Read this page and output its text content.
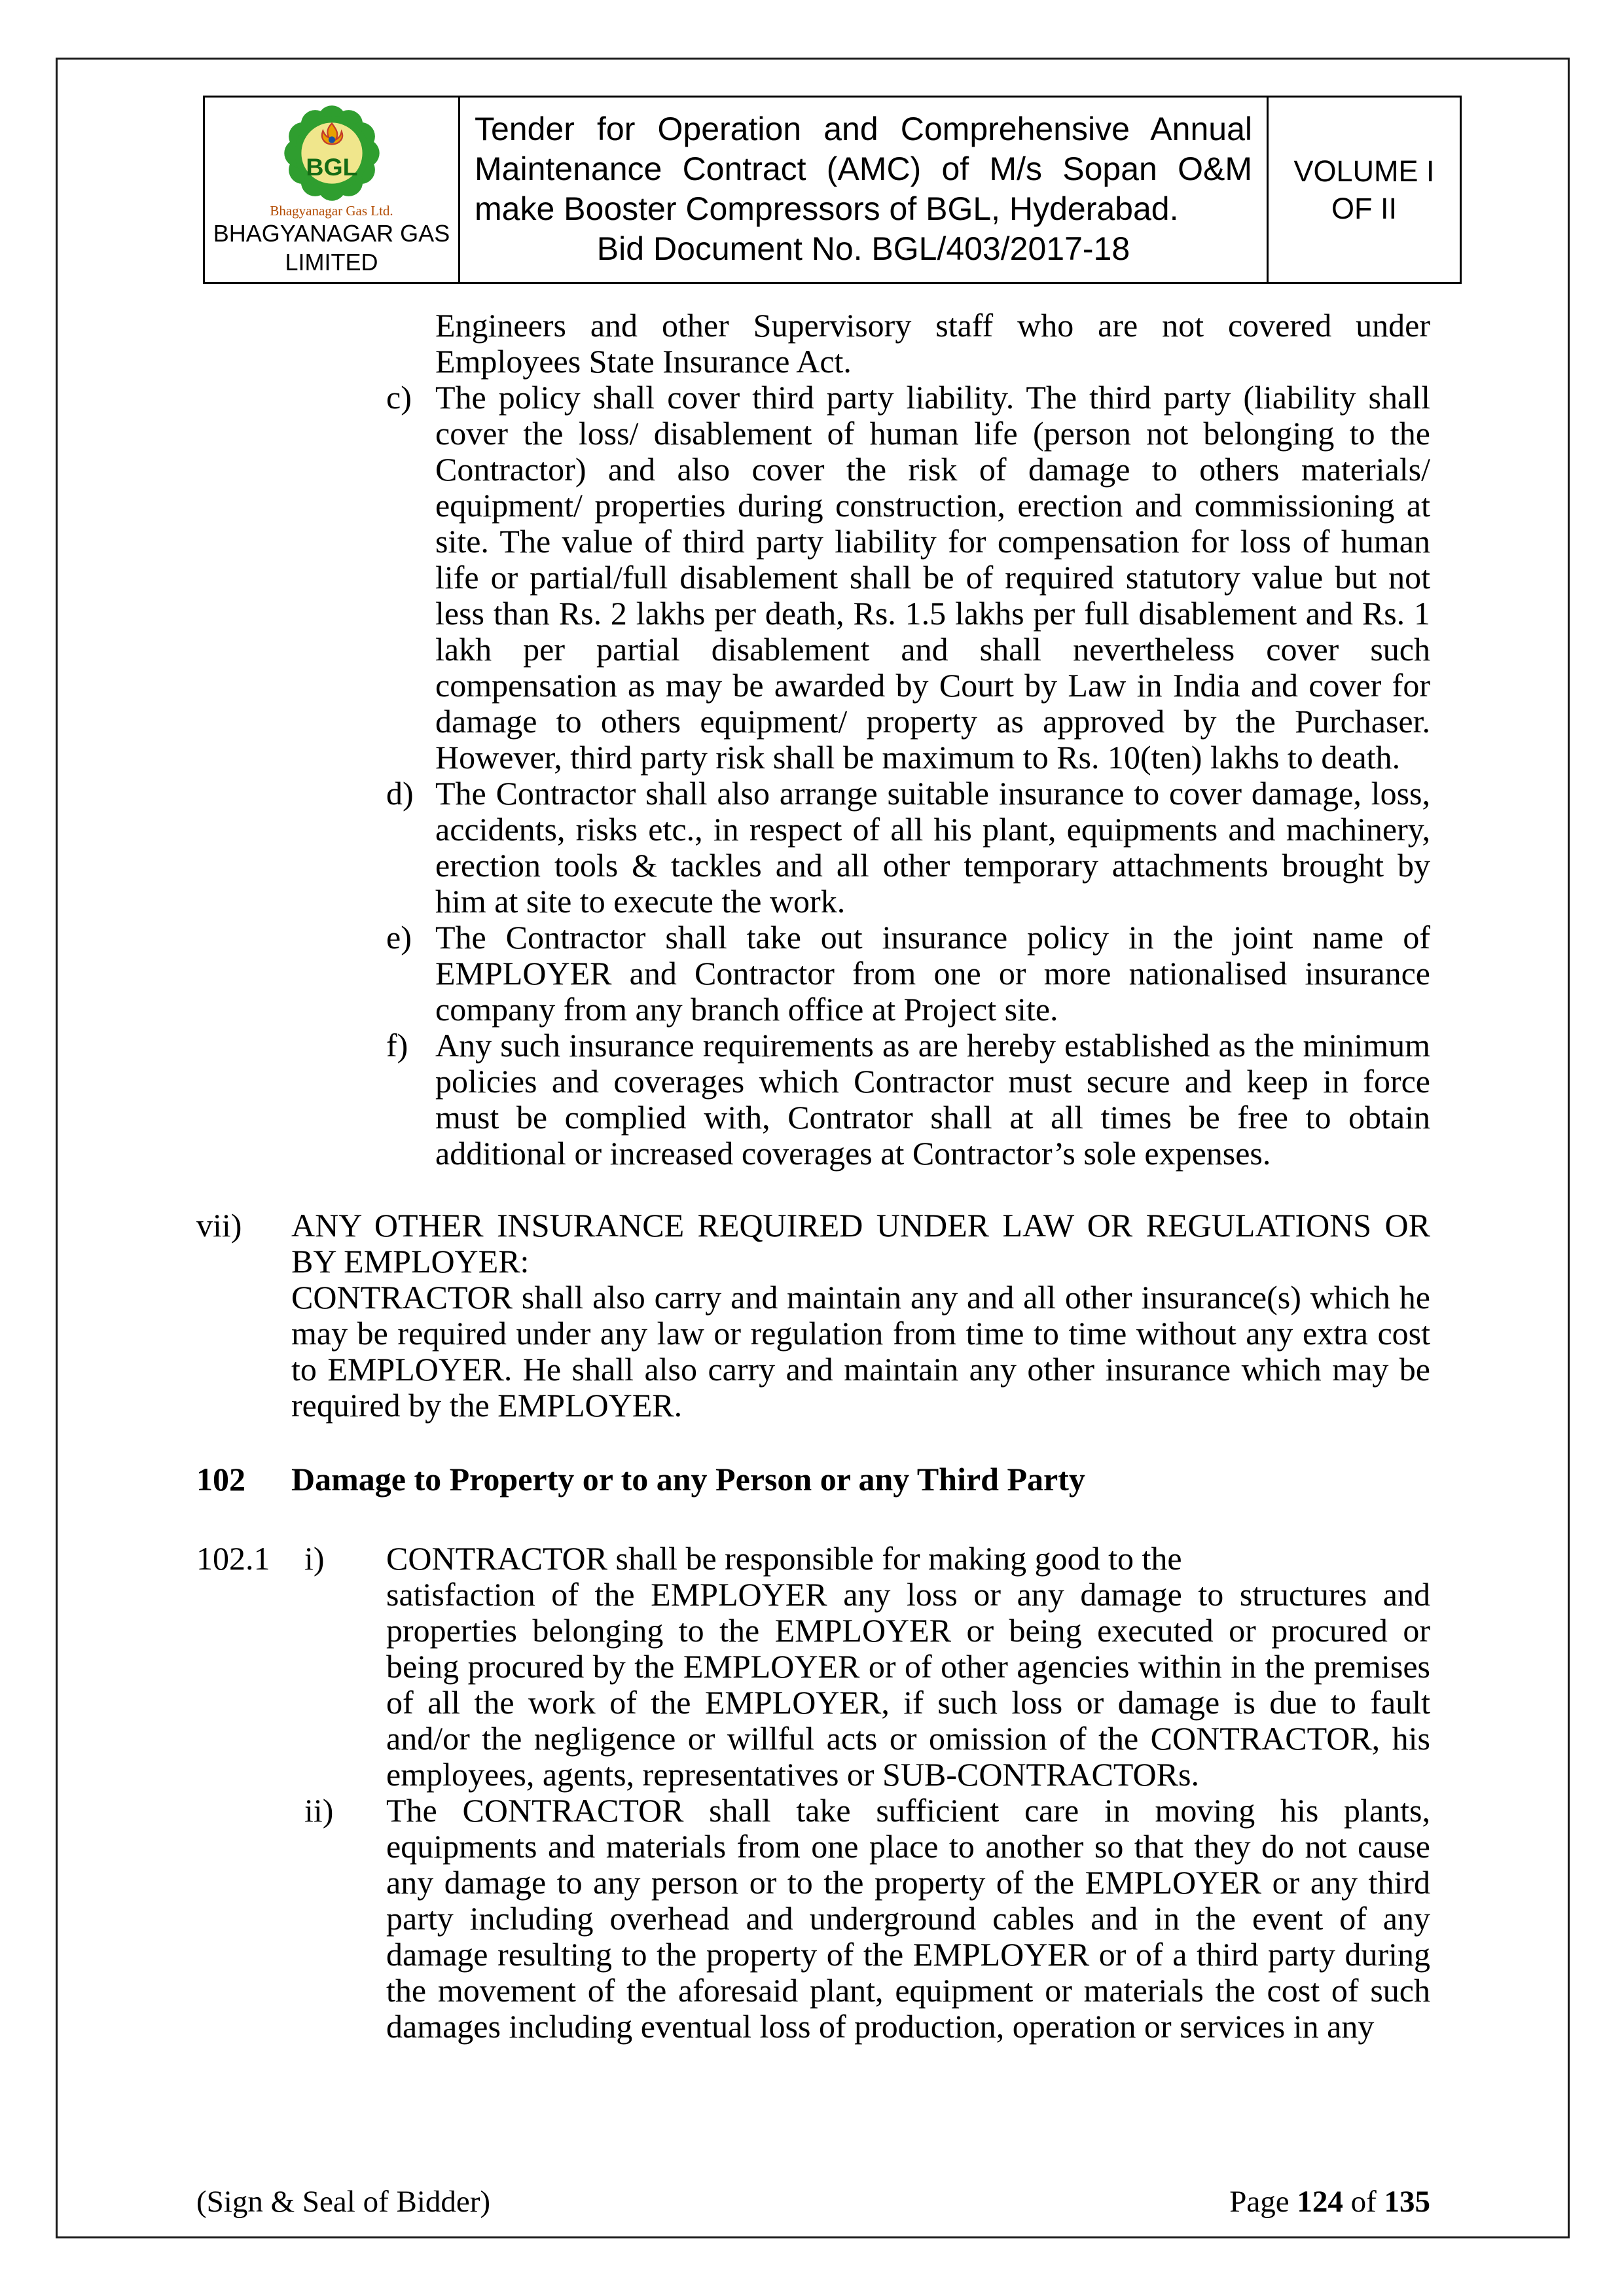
BGL
Bhagyanagar Gas Ltd.
BHAGYANAGAR GAS
LIMITED

Tender for Operation and Comprehensive Annual Maintenance Contract (AMC) of M/s Sopan O&M make Booster Compressors of BGL, Hyderabad.
Bid Document No. BGL/403/2017-18

VOLUME I
OF II
Engineers and other Supervisory staff who are not covered under Employees State Insurance Act.
c) The policy shall cover third party liability. The third party (liability shall cover the loss/ disablement of human life (person not belonging to the Contractor) and also cover the risk of damage to others materials/ equipment/ properties during construction, erection and commissioning at site. The value of third party liability for compensation for loss of human life or partial/full disablement shall be of required statutory value but not less than Rs. 2 lakhs per death, Rs. 1.5 lakhs per full disablement and Rs. 1 lakh per partial disablement and shall nevertheless cover such compensation as may be awarded by Court by Law in India and cover for damage to others equipment/ property as approved by the Purchaser. However, third party risk shall be maximum to Rs. 10(ten) lakhs to death.
d) The Contractor shall also arrange suitable insurance to cover damage, loss, accidents, risks etc., in respect of all his plant, equipments and machinery, erection tools & tackles and all other temporary attachments brought by him at site to execute the work.
e) The Contractor shall take out insurance policy in the joint name of EMPLOYER and Contractor from one or more nationalised insurance company from any branch office at Project site.
f) Any such insurance requirements as are hereby established as the minimum policies and coverages which Contractor must secure and keep in force must be complied with, Contrator shall at all times be free to obtain additional or increased coverages at Contractor’s sole expenses.
vii)	ANY OTHER INSURANCE REQUIRED UNDER LAW OR REGULATIONS OR BY EMPLOYER:
CONTRACTOR shall also carry and maintain any and all other insurance(s) which he may be required under any law or regulation from time to time without any extra cost to EMPLOYER. He shall also carry and maintain any other insurance which may be required by the EMPLOYER.
102	Damage to Property or to any Person or any Third Party
102.1	i)	CONTRACTOR shall be responsible for making good to the
satisfaction of the EMPLOYER any loss or any damage to structures and properties belonging to the EMPLOYER or being executed or procured or being procured by the EMPLOYER or of other agencies within in the premises of all the work of the EMPLOYER, if such loss or damage is due to fault and/or the negligence or willful acts or omission of the CONTRACTOR, his employees, agents, representatives or SUB-CONTRACTORs.
ii)	The CONTRACTOR shall take sufficient care in moving his plants, equipments and materials from one place to another so that they do not cause any damage to any person or to the property of the EMPLOYER or any third party including overhead and underground cables and in the event of any damage resulting to the property of the EMPLOYER or of a third party during the movement of the aforesaid plant, equipment or materials the cost of such damages including eventual loss of production, operation or services in any
(Sign & Seal of Bidder)	Page 124 of 135
